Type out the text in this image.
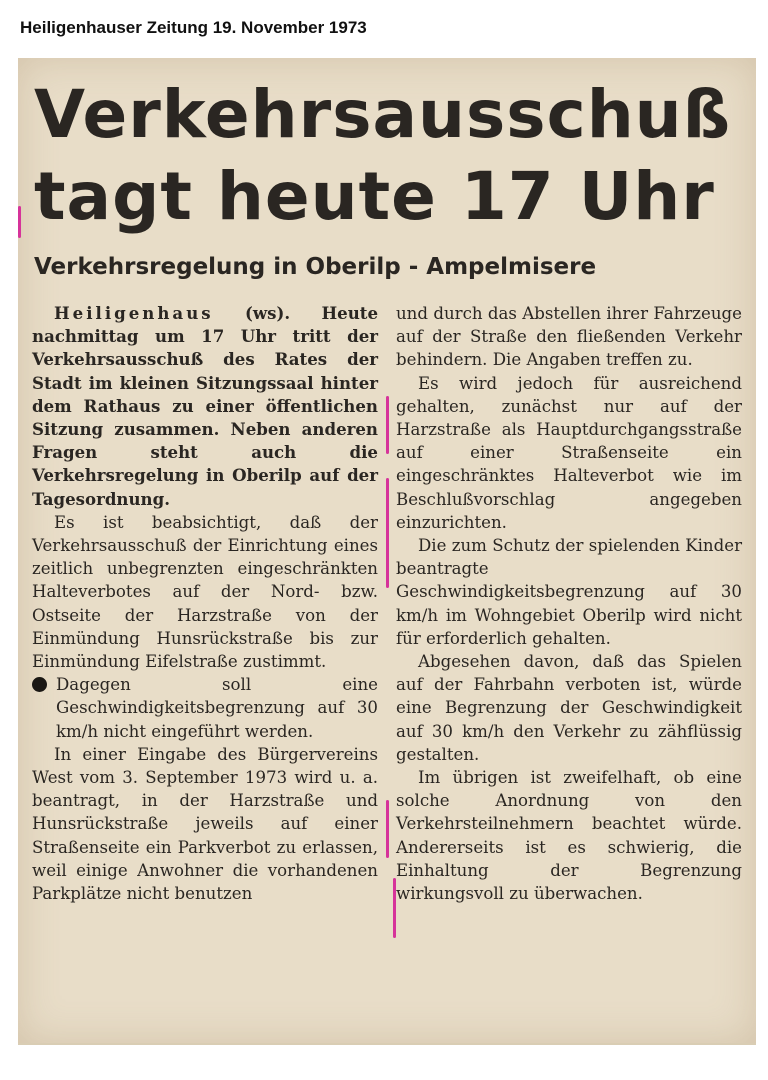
Heiligenhauser Zeitung 19. November 1973
Verkehrsausschuß
tagt heute 17 Uhr
Verkehrsregelung in Oberilp - Ampelmisere

Heiligenhaus (ws). Heute nachmittag um 17 Uhr tritt der Verkehrsausschuß des Rates der Stadt im kleinen Sitzungssaal hinter dem Rathaus zu einer öffentlichen Sitzung zusammen. Neben anderen Fragen steht auch die Verkehrsregelung in Oberilp auf der Tagesordnung.

Es ist beabsichtigt, daß der Verkehrsausschuß der Einrichtung eines zeitlich unbegrenzten eingeschränkten Halteverbotes auf der Nord- bzw. Ostseite der Harzstraße von der Einmündung Hunsrückstraße bis zur Einmündung Eifelstraße zustimmt.

Dagegen soll eine Geschwindigkeitsbegrenzung auf 30 km/h nicht eingeführt werden.

In einer Eingabe des Bürgervereins West vom 3. September 1973 wird u. a. beantragt, in der Harzstraße und Hunsrückstraße jeweils auf einer Straßenseite ein Parkverbot zu erlassen, weil einige Anwohner die vorhandenen Parkplätze nicht benutzen

und durch das Abstellen ihrer Fahrzeuge auf der Straße den fließenden Verkehr behindern. Die Angaben treffen zu.

Es wird jedoch für ausreichend gehalten, zunächst nur auf der Harzstraße als Hauptdurchgangsstraße auf einer Straßenseite ein eingeschränktes Halteverbot wie im Beschlußvorschlag angegeben einzurichten.

Die zum Schutz der spielenden Kinder beantragte Geschwindigkeitsbegrenzung auf 30 km/h im Wohngebiet Oberilp wird nicht für erforderlich gehalten.

Abgesehen davon, daß das Spielen auf der Fahrbahn verboten ist, würde eine Begrenzung der Geschwindigkeit auf 30 km/h den Verkehr zu zähflüssig gestalten.

Im übrigen ist zweifelhaft, ob eine solche Anordnung von den Verkehrsteilnehmern beachtet würde. Andererseits ist es schwierig, die Einhaltung der Begrenzung wirkungsvoll zu überwachen.
